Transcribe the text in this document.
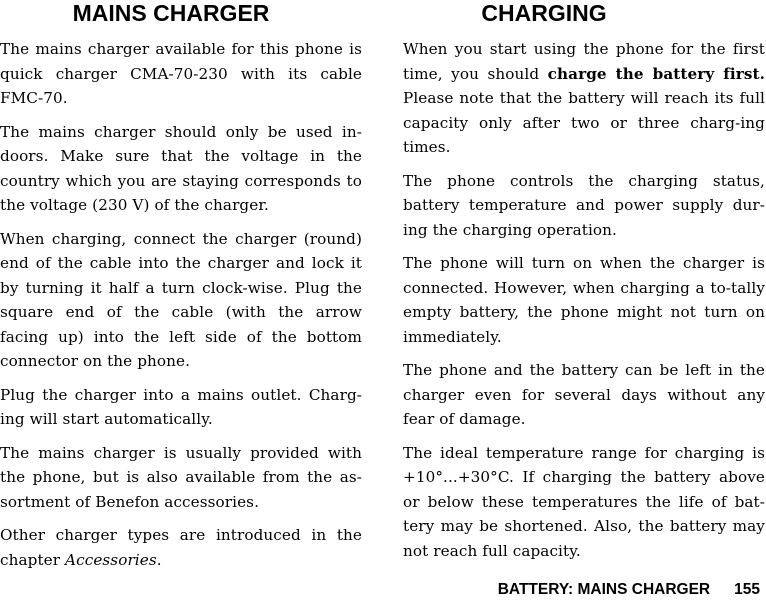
MAINS CHARGER

The mains charger available for this phone is quick charger CMA-70-230 with its cable FMC-70.

The mains charger should only be used in-doors. Make sure that the voltage in the country which you are staying corresponds to the voltage (230 V) of the charger.

When charging, connect the charger (round) end of the cable into the charger and lock it by turning it half a turn clock-wise. Plug the square end of the cable (with the arrow facing up) into the left side of the bottom connector on the phone.

Plug the charger into a mains outlet. Charg-ing will start automatically.

The mains charger is usually provided with the phone, but is also available from the as-sortment of Benefon accessories.

Other charger types are introduced in the chapter Accessories.

CHARGING

When you start using the phone for the first time, you should charge the battery first. Please note that the battery will reach its full capacity only after two or three charg-ing times.

The phone controls the charging status, battery temperature and power supply dur-ing the charging operation.

The phone will turn on when the charger is connected. However, when charging a to-tally empty battery, the phone might not turn on immediately.

The phone and the battery can be left in the charger even for several days without any fear of damage.

The ideal temperature range for charging is +10°...+30°C. If charging the battery above or below these temperatures the life of bat-tery may be shortened. Also, the battery may not reach full capacity.

BATTERY: MAINS CHARGER 155
